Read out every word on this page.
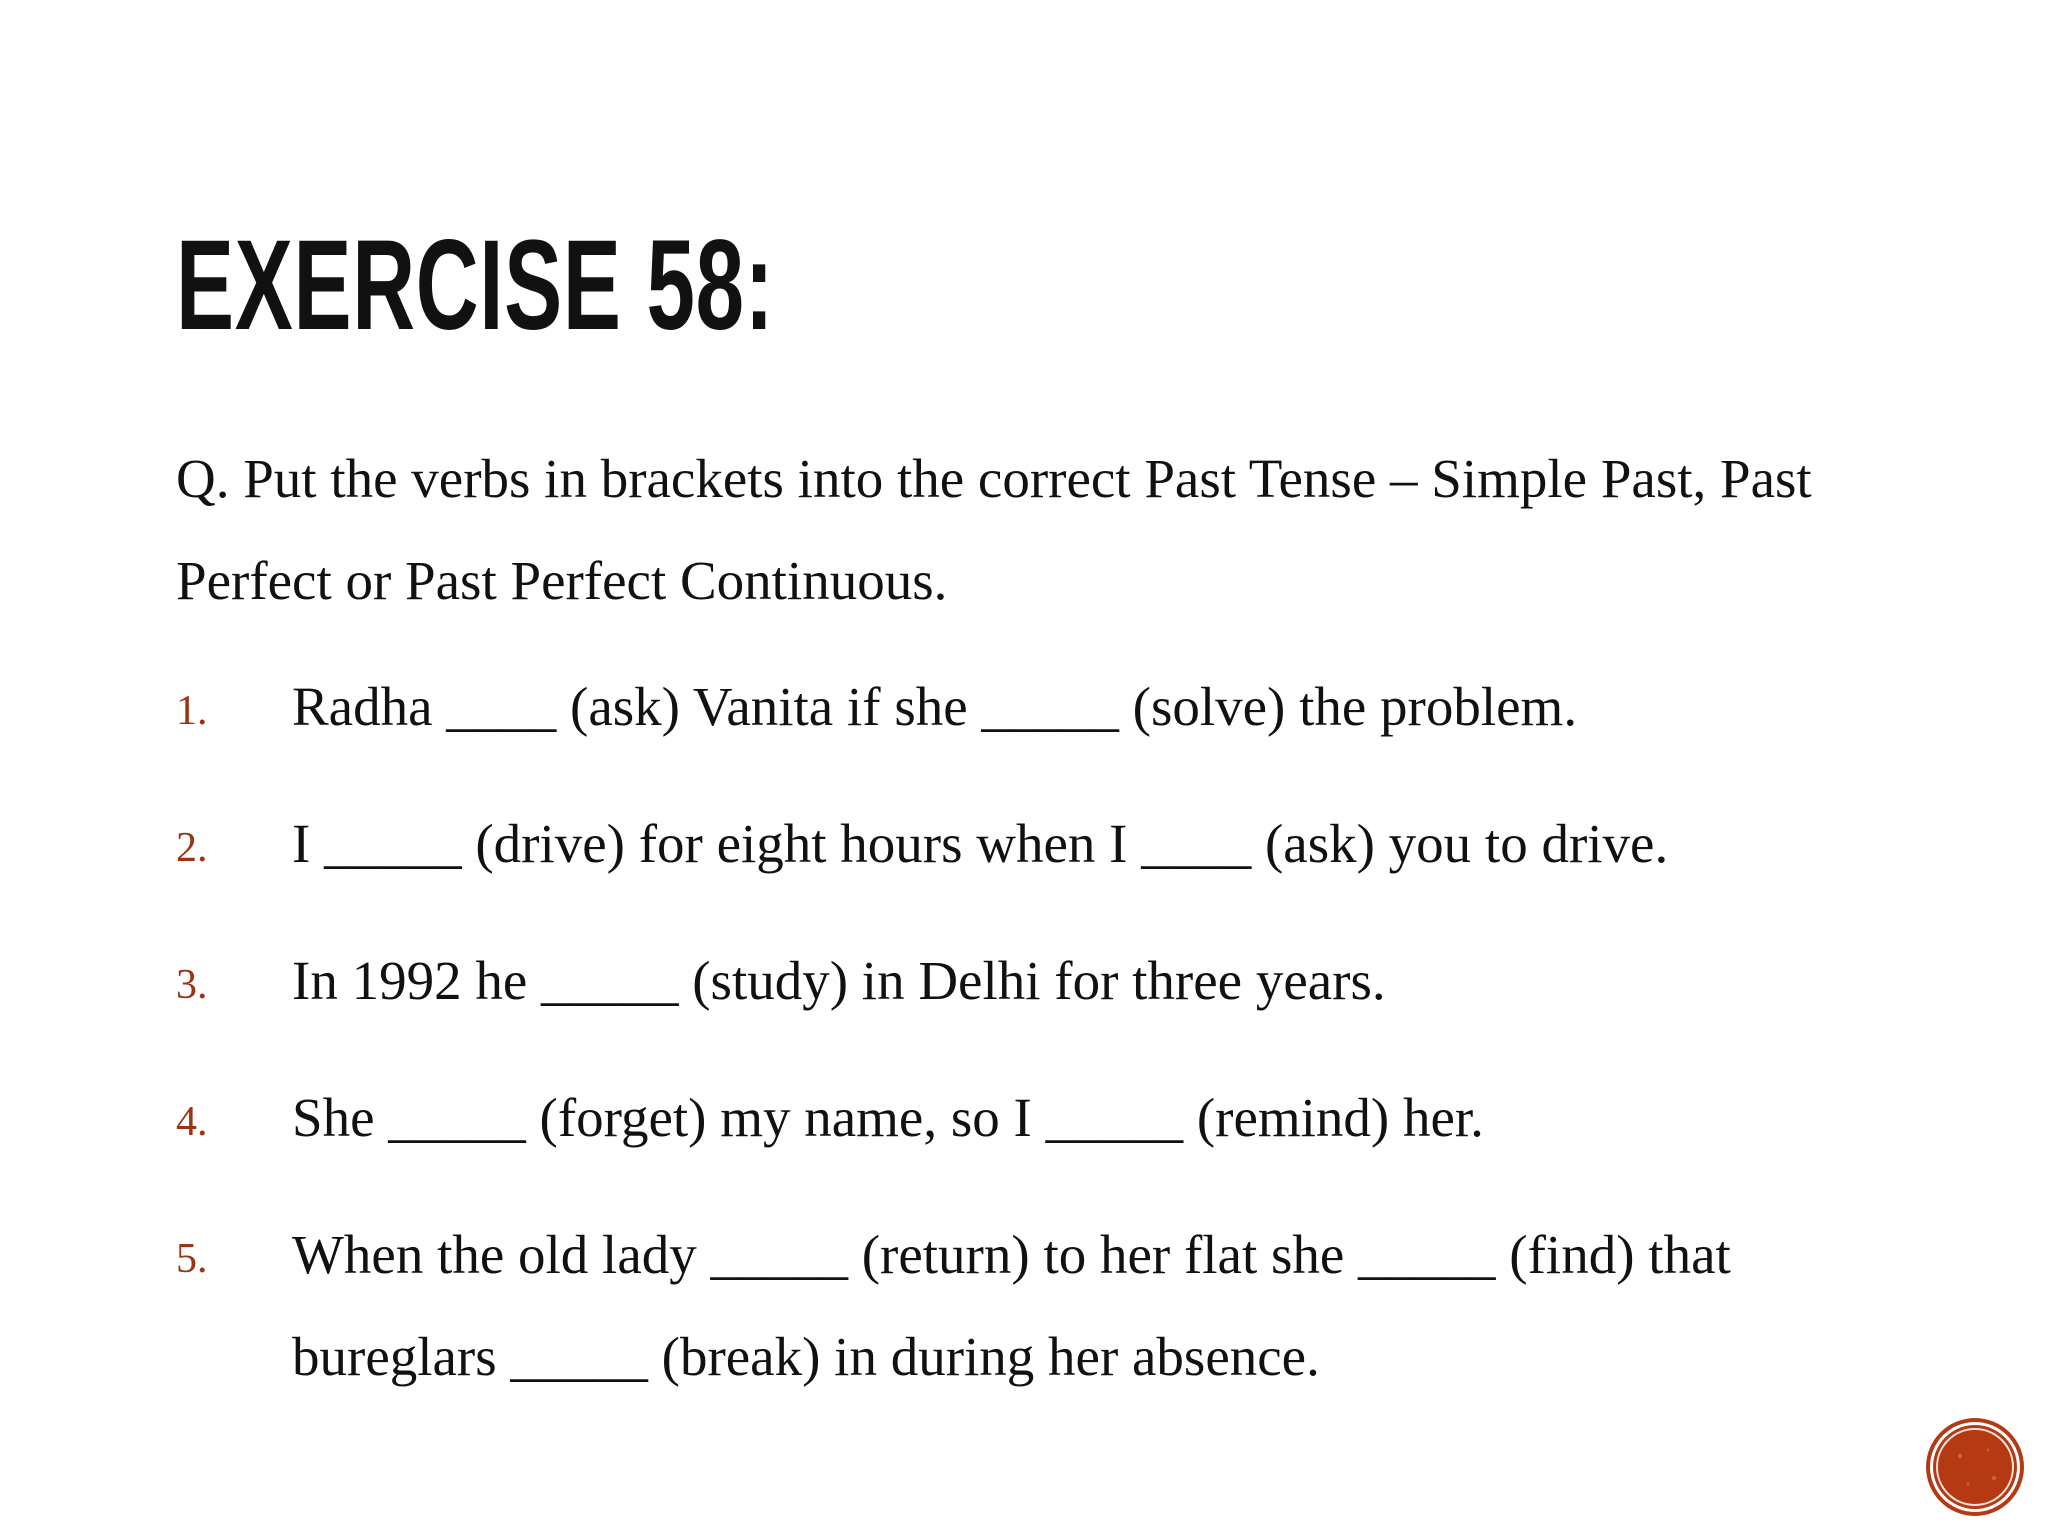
EXERCISE 58:

Q. Put the verbs in brackets into the correct Past Tense – Simple Past, Past Perfect or Past Perfect Continuous.

1. Radha ____ (ask) Vanita if she _____ (solve) the problem.
2. I _____ (drive) for eight hours when I ____ (ask) you to drive.
3. In 1992 he _____ (study) in Delhi for three years.
4. She _____ (forget) my name, so I _____ (remind) her.
5. When the old lady _____ (return) to her flat she _____ (find) that bureglars _____ (break) in during her absence.
